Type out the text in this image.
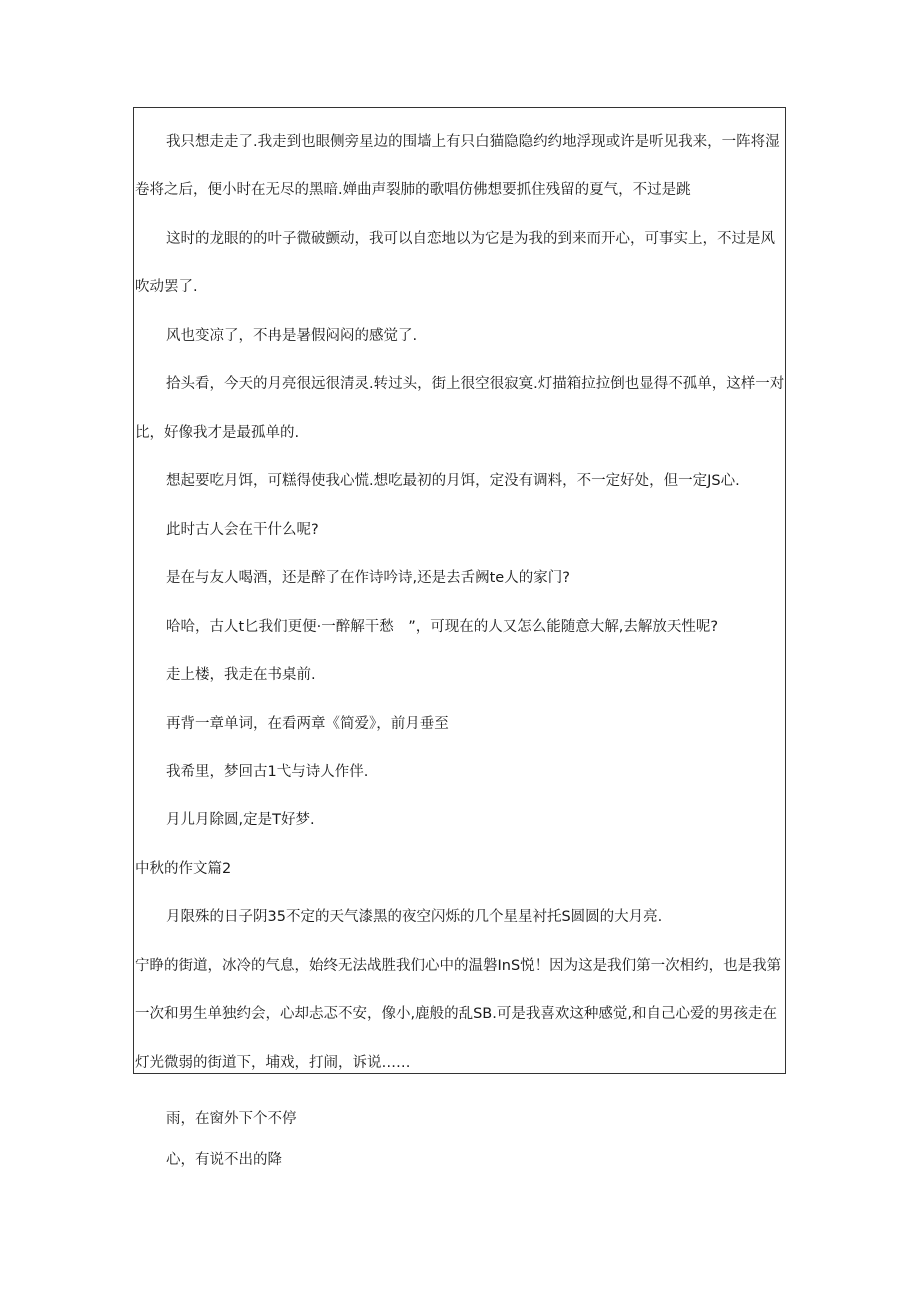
我只想走走了.我走到也眼侧旁星边的围墙上有只白猫隐隐约约地浮现或许是听见我来，一阵将湿
卷将之后，便小时在无尽的黑暗.婵曲声裂肺的歌唱仿佛想要抓住残留的夏气，不过是跳
这时的龙眼的的叶子微破颤动，我可以自恋地以为它是为我的到来而开心，可事实上，不过是风
吹动罢了.
风也变凉了，不冉是暑假闷闷的感觉了.
拾头看，今天的月亮很远很清灵.转过头，街上很空很寂寞.灯描箱拉拉倒也显得不孤单，这样一对
比，好像我才是最孤单的.
想起要吃月饵，可糕得使我心慌.想吃最初的月饵，定没有调料，不一定好处，但一定JS心.
此时古人会在干什么呢?
是在与友人喝酒，还是醉了在作诗吟诗,还是去舌阙te人的家门?
哈哈，古人t匕我们更便·一醉解干愁　”，可现在的人又怎么能随意大解,去解放天性呢?
走上楼，我走在书桌前.
再背一章单词，在看两章《简爱》，前月垂至
我希里，梦回古1弋与诗人作伴.
月儿月除圆,定是T好梦.
中秋的作文篇2
月限殊的日子阴35不定的天气漆黑的夜空闪烁的几个星星衬托S圆圆的大月亮.
宁睁的街道，冰冷的气息，始终无法战胜我们心中的温磐InS悦！因为这是我们第一次相约，也是我第
一次和男生单独约会，心却忐忑不安，像小,鹿般的乱SB.可是我喜欢这种感觉,和自己心爱的男孩走在
灯光微弱的街道下，埔戏，打闹，诉说……
雨，在窗外下个不停
心，有说不出的降
